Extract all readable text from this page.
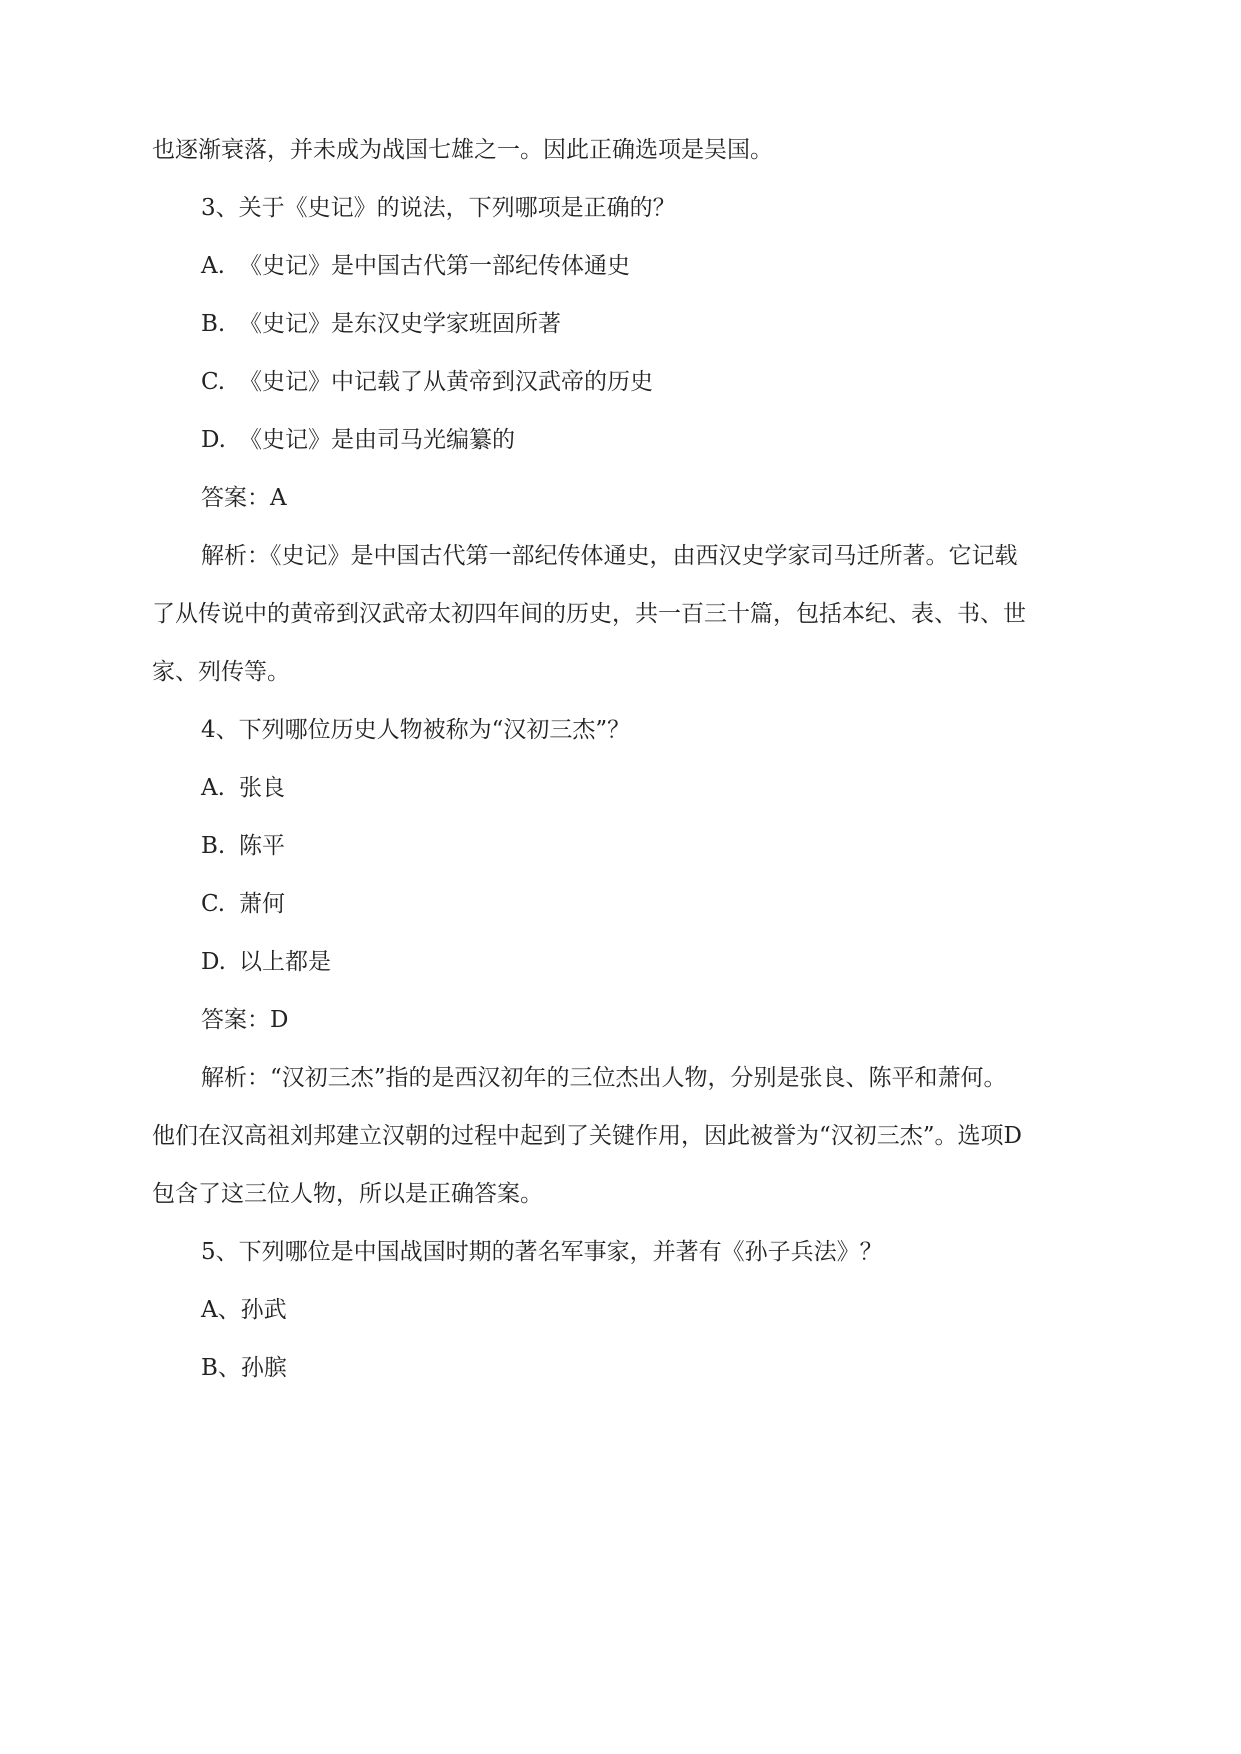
也逐渐衰落，并未成为战国七雄之一。因此正确选项是吴国。

3、关于《史记》的说法，下列哪项是正确的？

A. 《史记》是中国古代第一部纪传体通史

B. 《史记》是东汉史学家班固所著

C. 《史记》中记载了从黄帝到汉武帝的历史

D. 《史记》是由司马光编纂的

答案：A

解析：《史记》是中国古代第一部纪传体通史，由西汉史学家司马迁所著。它记载

了从传说中的黄帝到汉武帝太初四年间的历史，共一百三十篇，包括本纪、表、书、世

家、列传等。

4、下列哪位历史人物被称为“汉初三杰”？

A. 张良

B. 陈平

C. 萧何

D. 以上都是

答案：D

解析：“汉初三杰”指的是西汉初年的三位杰出人物，分别是张良、陈平和萧何。

他们在汉高祖刘邦建立汉朝的过程中起到了关键作用，因此被誉为“汉初三杰”。选项D

包含了这三位人物，所以是正确答案。

5、下列哪位是中国战国时期的著名军事家，并著有《孙子兵法》？

A、孙武

B、孙膑
